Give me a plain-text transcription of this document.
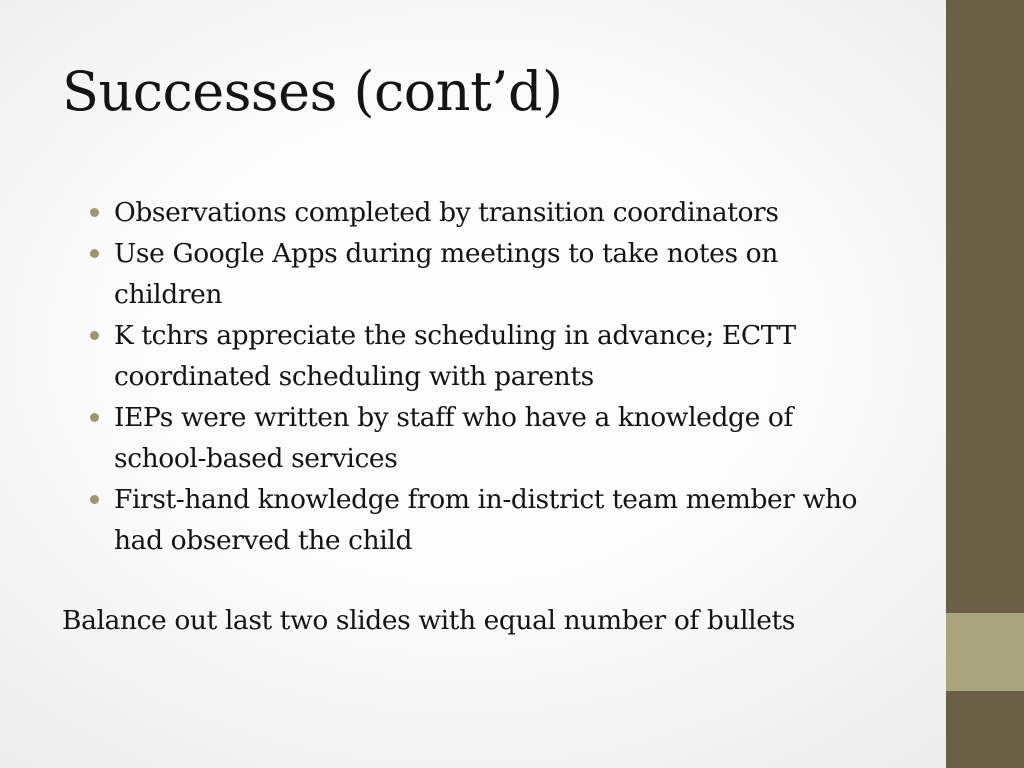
Successes (cont’d)
Observations completed by transition coordinators
Use Google Apps during meetings to take notes on children
K tchrs appreciate the scheduling in advance; ECTT coordinated scheduling with parents
IEPs were written by staff who have a knowledge of school-based services
First-hand knowledge from in-district team member who had observed the child

Balance out last two slides with equal number of bullets
